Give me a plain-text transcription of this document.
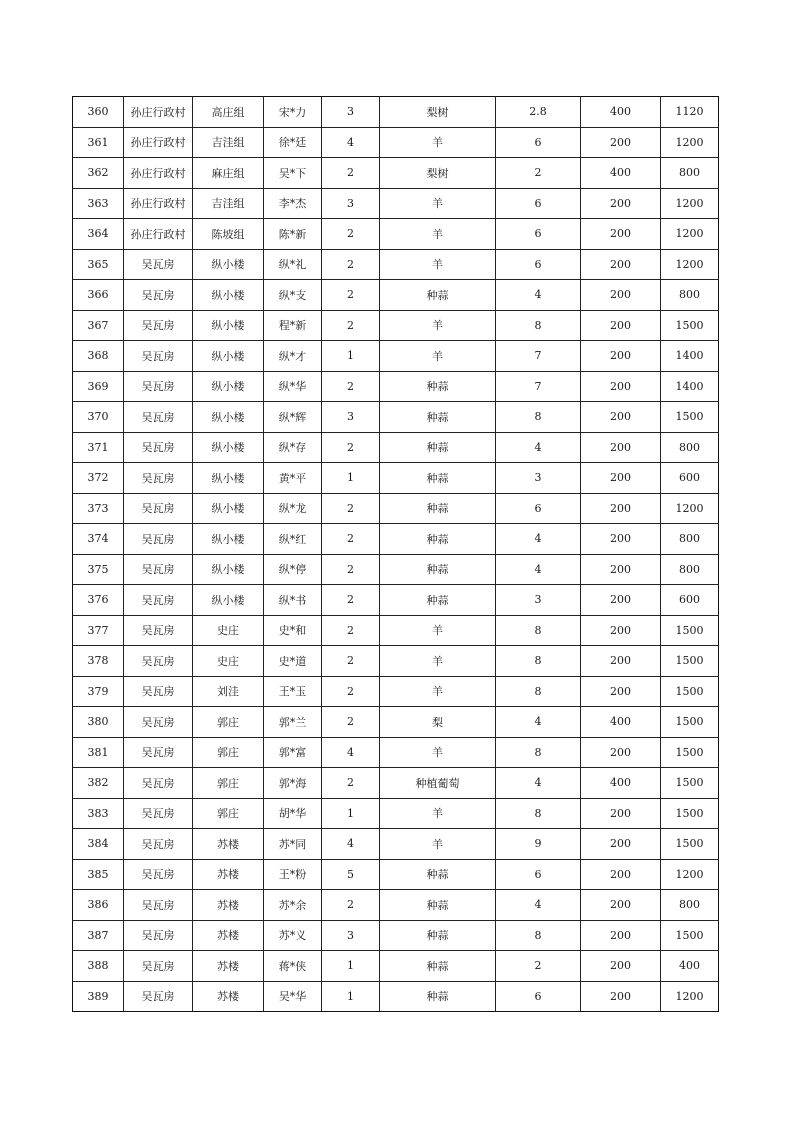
360	孙庄行政村	高庄组	宋*力	3	梨树	2.8	400	1120
361	孙庄行政村	吉洼组	徐*廷	4	羊	6	200	1200
362	孙庄行政村	麻庄组	吴*下	2	梨树	2	400	800
363	孙庄行政村	吉洼组	李*杰	3	羊	6	200	1200
364	孙庄行政村	陈坡组	陈*新	2	羊	6	200	1200
365	吴瓦房	纵小楼	纵*礼	2	羊	6	200	1200
366	吴瓦房	纵小楼	纵*支	2	种蒜	4	200	800
367	吴瓦房	纵小楼	程*新	2	羊	8	200	1500
368	吴瓦房	纵小楼	纵*才	1	羊	7	200	1400
369	吴瓦房	纵小楼	纵*华	2	种蒜	7	200	1400
370	吴瓦房	纵小楼	纵*辉	3	种蒜	8	200	1500
371	吴瓦房	纵小楼	纵*存	2	种蒜	4	200	800
372	吴瓦房	纵小楼	黄*平	1	种蒜	3	200	600
373	吴瓦房	纵小楼	纵*龙	2	种蒜	6	200	1200
374	吴瓦房	纵小楼	纵*红	2	种蒜	4	200	800
375	吴瓦房	纵小楼	纵*停	2	种蒜	4	200	800
376	吴瓦房	纵小楼	纵*书	2	种蒜	3	200	600
377	吴瓦房	史庄	史*和	2	羊	8	200	1500
378	吴瓦房	史庄	史*道	2	羊	8	200	1500
379	吴瓦房	刘洼	王*玉	2	羊	8	200	1500
380	吴瓦房	郭庄	郭*兰	2	梨	4	400	1500
381	吴瓦房	郭庄	郭*富	4	羊	8	200	1500
382	吴瓦房	郭庄	郭*海	2	种植葡萄	4	400	1500
383	吴瓦房	郭庄	胡*华	1	羊	8	200	1500
384	吴瓦房	苏楼	苏*同	4	羊	9	200	1500
385	吴瓦房	苏楼	王*粉	5	种蒜	6	200	1200
386	吴瓦房	苏楼	苏*余	2	种蒜	4	200	800
387	吴瓦房	苏楼	苏*义	3	种蒜	8	200	1500
388	吴瓦房	苏楼	蒋*侠	1	种蒜	2	200	400
389	吴瓦房	苏楼	吴*华	1	种蒜	6	200	1200
